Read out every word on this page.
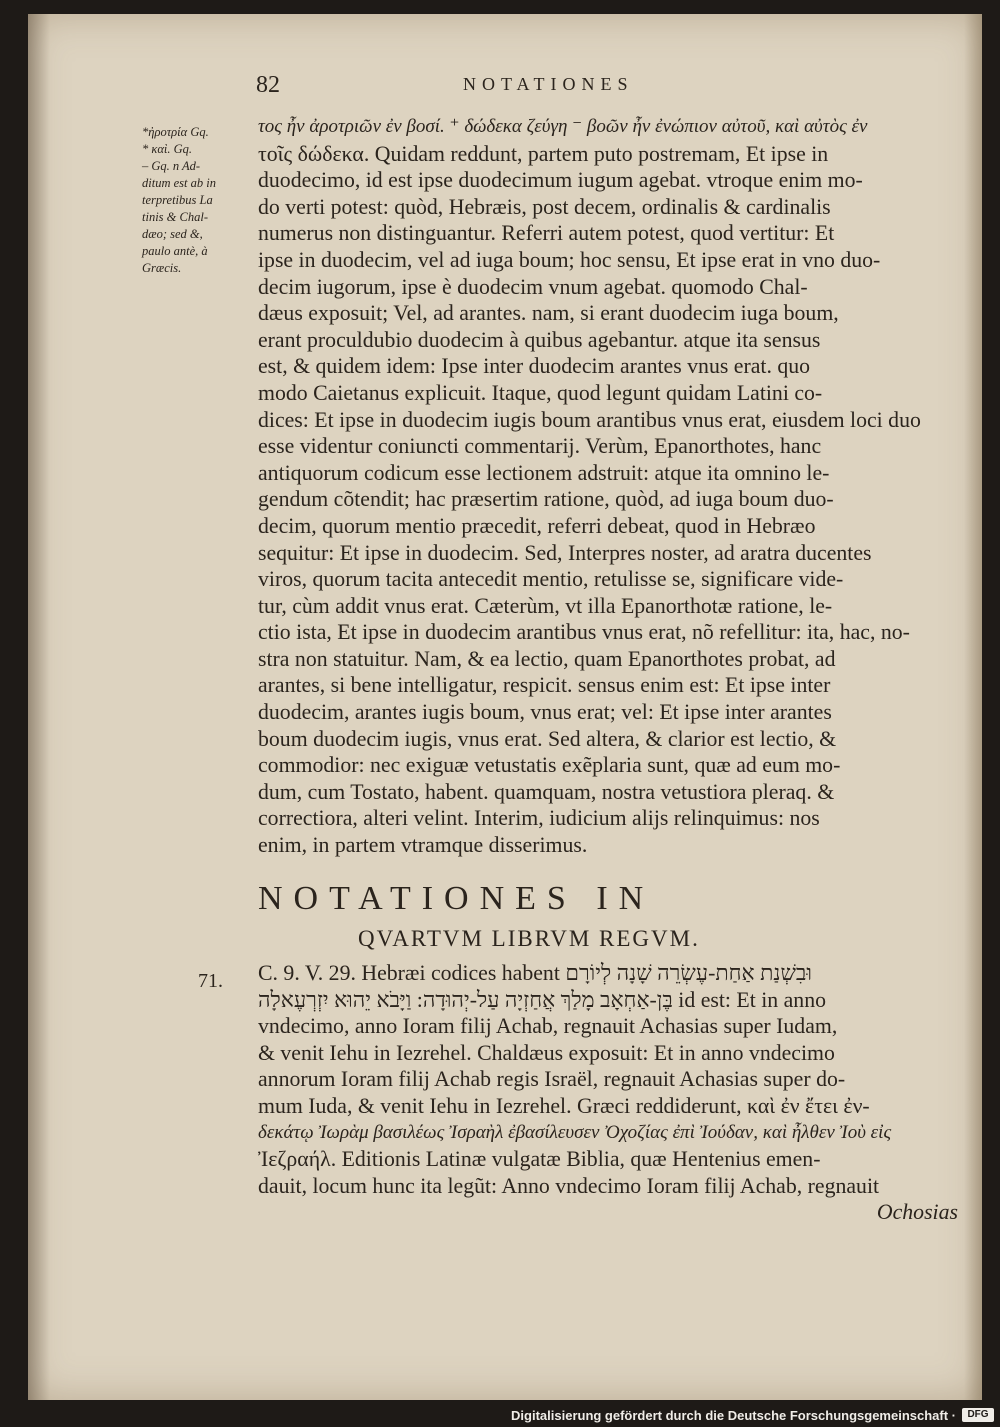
82	NOTATIONES

*ἠροτρία Gq.

* καὶ. Gq.

– Gq. n Ad-

ditum est ab in

terpretibus La

tinis & Chal-

dæo; sed &,

paulo antè, à

Græcis.

τος ἦν ἀροτριῶν ἐν βοσί. ⁺ δώδεκα ζεύγη ⁻ βοῶν ἦν ἐνώπιον αὐτοῦ, καὶ αὐτὸς ἐν
τοῖς δώδεκα. Quidam reddunt, partem puto postremam, Et ipse in
duodecimo, id est ipse duodecimum iugum agebat. vtroque enim mo-
do verti potest: quòd, Hebræis, post decem, ordinalis & cardinalis
numerus non distinguantur. Referri autem potest, quod vertitur: Et
ipse in duodecim, vel ad iuga boum; hoc sensu, Et ipse erat in vno duo-
decim iugorum, ipse è duodecim vnum agebat. quomodo Chal-
dæus exposuit; Vel, ad arantes. nam, si erant duodecim iuga boum,
erant proculdubio duodecim à quibus agebantur. atque ita sensus
est, & quidem idem: Ipse inter duodecim arantes vnus erat. quo
modo Caietanus explicuit. Itaque, quod legunt quidam Latini co-
dices: Et ipse in duodecim iugis boum arantibus vnus erat, eiusdem loci duo
esse videntur coniuncti commentarij. Verùm, Epanorthotes, hanc
antiquorum codicum esse lectionem adstruit: atque ita omnino le-
gendum cõtendit; hac præsertim ratione, quòd, ad iuga boum duo-
decim, quorum mentio præcedit, referri debeat, quod in Hebræo
sequitur: Et ipse in duodecim. Sed, Interpres noster, ad aratra ducentes
viros, quorum tacita antecedit mentio, retulisse se, significare vide-
tur, cùm addit vnus erat. Cæterùm, vt illa Epanorthotæ ratione, le-
ctio ista, Et ipse in duodecim arantibus vnus erat, nõ refellitur: ita, hac, no-
stra non statuitur. Nam, & ea lectio, quam Epanorthotes probat, ad
arantes, si bene intelligatur, respicit. sensus enim est: Et ipse inter
duodecim, arantes iugis boum, vnus erat; vel: Et ipse inter arantes
boum duodecim iugis, vnus erat. Sed altera, & clarior est lectio, &
commodior: nec exiguæ vetustatis exẽplaria sunt, quæ ad eum mo-
dum, cum Tostato, habent. quamquam, nostra vetustiora pleraq. &
correctiora, alteri velint. Interim, iudicium alijs relinquimus: nos
enim, in partem vtramque disserimus.
NOTATIONES IN
QVARTVM LIBRVM REGVM.
71. C. 9. V. 29. Hebræi codices habent וּבִשְׁנַת אַחַת-עֶשְׂרֵה שָׁנָה לְיוֹרָם
בֶּן-אַחְאָב מָלַךְ אֲחַזְיָה עַל-יְהוּדָה: וַיָּבֹא יֵהוּא יִזְרְעֶאלָה id est: Et in anno
vndecimo, anno Ioram filij Achab, regnauit Achasias super Iudam,
& venit Iehu in Iezrehel. Chaldæus exposuit: Et in anno vndecimo
annorum Ioram filij Achab regis Israël, regnauit Achasias super do-
mum Iuda, & venit Iehu in Iezrehel. Græci reddiderunt, καὶ ἐν ἔτει ἐν-
δεκάτῳ Ἰωρὰμ βασιλέως Ἰσραὴλ ἐβασίλευσεν Ὀχοζίας ἐπὶ Ἰούδαν, καὶ ἦλθεν Ἰοὺ εἰς
Ἰεζραήλ. Editionis Latinæ vulgatæ Biblia, quæ Hentenius emen-
dauit, locum hunc ita legũt: Anno vndecimo Ioram filij Achab, regnauit
Ochosias
Digitalisierung gefördert durch die Deutsche Forschungsgemeinschaft ·	DFG
